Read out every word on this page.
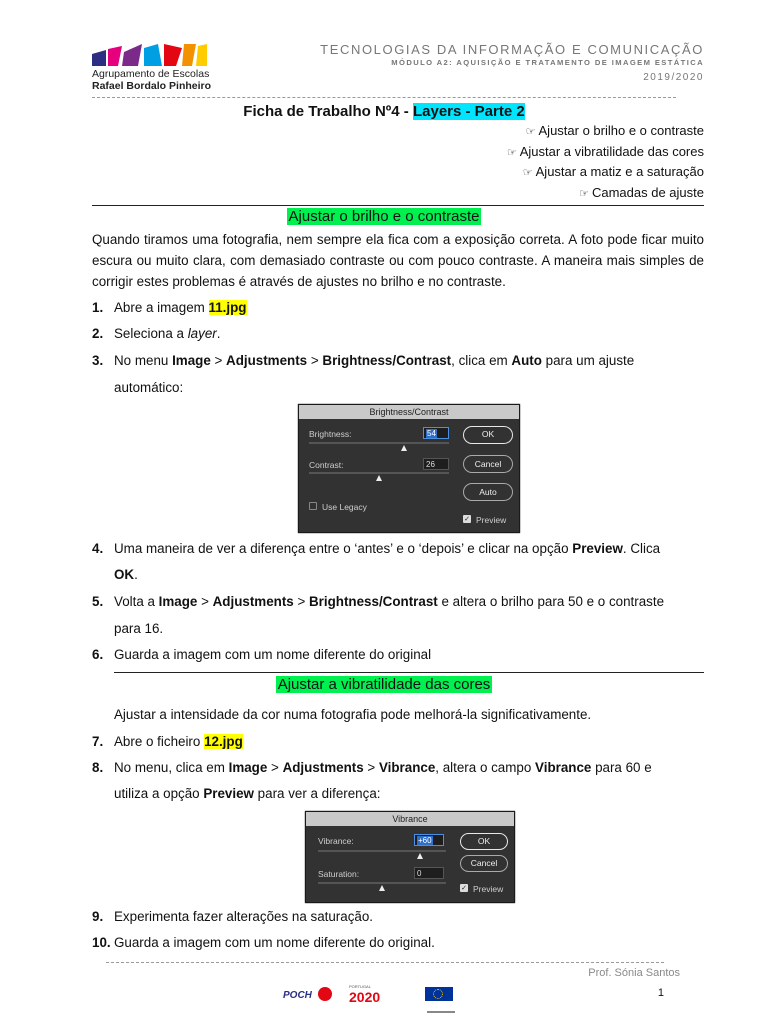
Agrupamento de Escolas
Rafael Bordalo Pinheiro
TECNOLOGIAS DA INFORMAÇÃO E COMUNICAÇÃO
MÓDULO A2: AQUISIÇÃO E TRATAMENTO DE IMAGEM ESTÁTICA
2019/2020
Ficha de Trabalho Nº4 - Layers - Parte 2
☞ Ajustar o brilho e o contraste
☞ Ajustar a vibratilidade das cores
☞ Ajustar a matiz e a saturação
☞ Camadas de ajuste
Ajustar o brilho e o contraste
Quando tiramos uma fotografia, nem sempre ela fica com a exposição correta. A foto pode ficar muito escura ou muito clara, com demasiado contraste ou com pouco contraste. A maneira mais simples de corrigir estes problemas é através de ajustes no brilho e no contraste.
1. Abre a imagem 11.jpg
2. Seleciona a layer.
3. No menu Image > Adjustments > Brightness/Contrast, clica em Auto para um ajuste
automático:
Brightness/Contrast
Brightness:	54
Contrast:	26
OK
Cancel
Auto
Use Legacy
✓ Preview
4. Uma maneira de ver a diferença entre o ‘antes’ e o ‘depois’ e clicar na opção Preview. Clica
OK.
5. Volta a Image > Adjustments > Brightness/Contrast e altera o brilho para 50 e o contraste
para 16.
6. Guarda a imagem com um nome diferente do original
Ajustar a vibratilidade das cores
Ajustar a intensidade da cor numa fotografia pode melhorá-la significativamente.
7. Abre o ficheiro 12.jpg
8. No menu, clica em Image > Adjustments > Vibrance, altera o campo Vibrance para 60 e
utiliza a opção Preview para ver a diferença:
Vibrance
Vibrance:	+60
Saturation:	0
OK
Cancel
✓ Preview
9. Experimenta fazer alterações na saturação.
10. Guarda a imagem com um nome diferente do original.
Prof. Sónia Santos
1
POCH
PORTUGAL
2020
